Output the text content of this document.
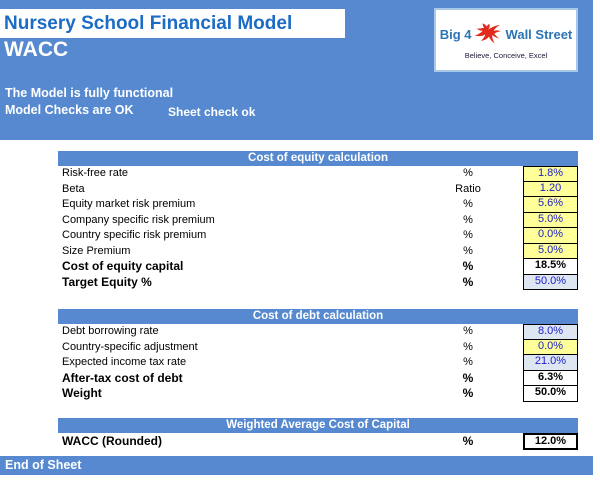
Nursery School Financial Model
WACC
Big 4	Wall Street
Believe, Conceive, Excel
The Model is fully functional
Model Checks are OK	Sheet check ok
Cost of equity calculation
Risk-free rate	%	1.8%
Beta	Ratio	1.20
Equity market risk premium	%	5.6%
Company specific risk premium	%	5.0%
Country specific risk premium	%	0.0%
Size Premium	%	5.0%
Cost of equity capital	%	18.5%
Target Equity %	%	50.0%
Cost of debt calculation
Debt borrowing rate	%	8.0%
Country-specific adjustment	%	0.0%
Expected income tax rate	%	21.0%
After-tax cost of debt	%	6.3%
Weight	%	50.0%
Weighted Average Cost of Capital
WACC (Rounded)	%	12.0%
End of Sheet
